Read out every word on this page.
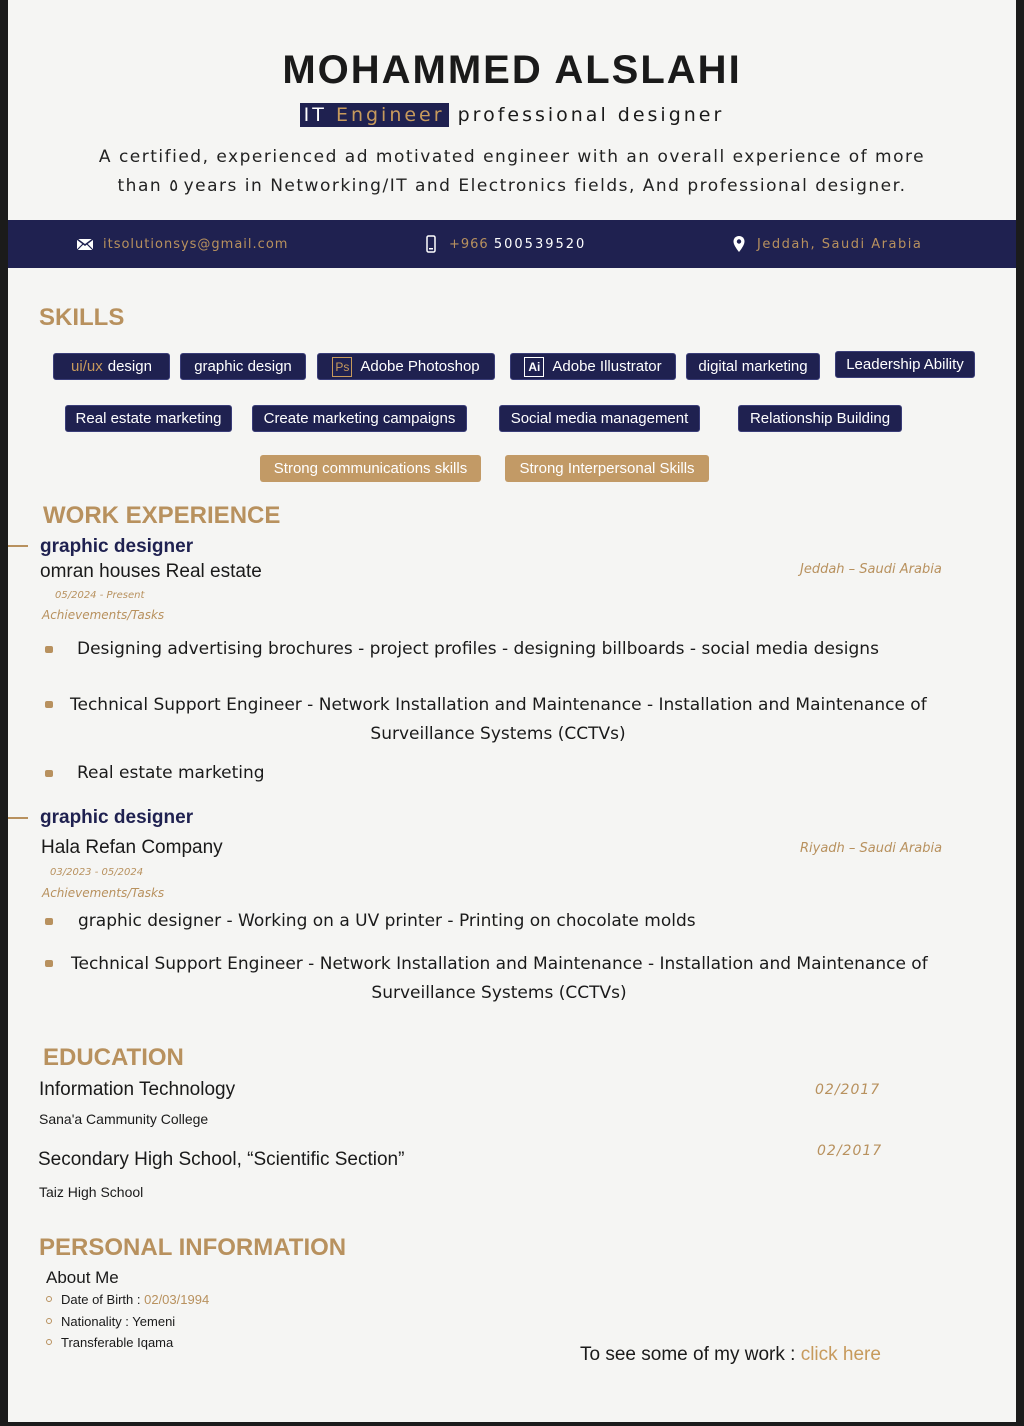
MOHAMMED ALSLAHI
IT Engineer professional designer
A certified, experienced ad motivated engineer with an overall experience of more
than ٥ years in Networking/IT and Electronics fields, And professional designer.
itsolutionsys@gmail.com	+966
500539520	Jeddah, Saudi Arabia
SKILLS
ui/ux design	graphic design	Ps Adobe Photoshop	Ai Adobe Illustrator	digital marketing	Leadership Ability
Real estate marketing	Create marketing campaigns	Social media management	Relationship Building
Strong communications skills	Strong Interpersonal Skills
WORK EXPERIENCE
graphic designer
omran houses Real estate	Jeddah – Saudi Arabia
05/2024 - Present
Achievements/Tasks
Designing advertising brochures - project profiles - designing billboards - social media designs
Technical Support Engineer - Network Installation and Maintenance - Installation and Maintenance of
Surveillance Systems (CCTVs)
Real estate marketing
graphic designer
Hala Refan Company	Riyadh – Saudi Arabia
03/2023 - 05/2024
Achievements/Tasks
graphic designer - Working on a UV printer - Printing on chocolate molds
Technical Support Engineer - Network Installation and Maintenance - Installation and Maintenance of
Surveillance Systems (CCTVs)
EDUCATION
Information Technology
Sana'a Cammunity College
02/2017
Secondary High School, “Scientific Section”
Taiz High School
02/2017
PERSONAL INFORMATION
About Me
Date of Birth : 02/03/1994
Nationality : Yemeni
Transferable Iqama
To see some of my work : click here
